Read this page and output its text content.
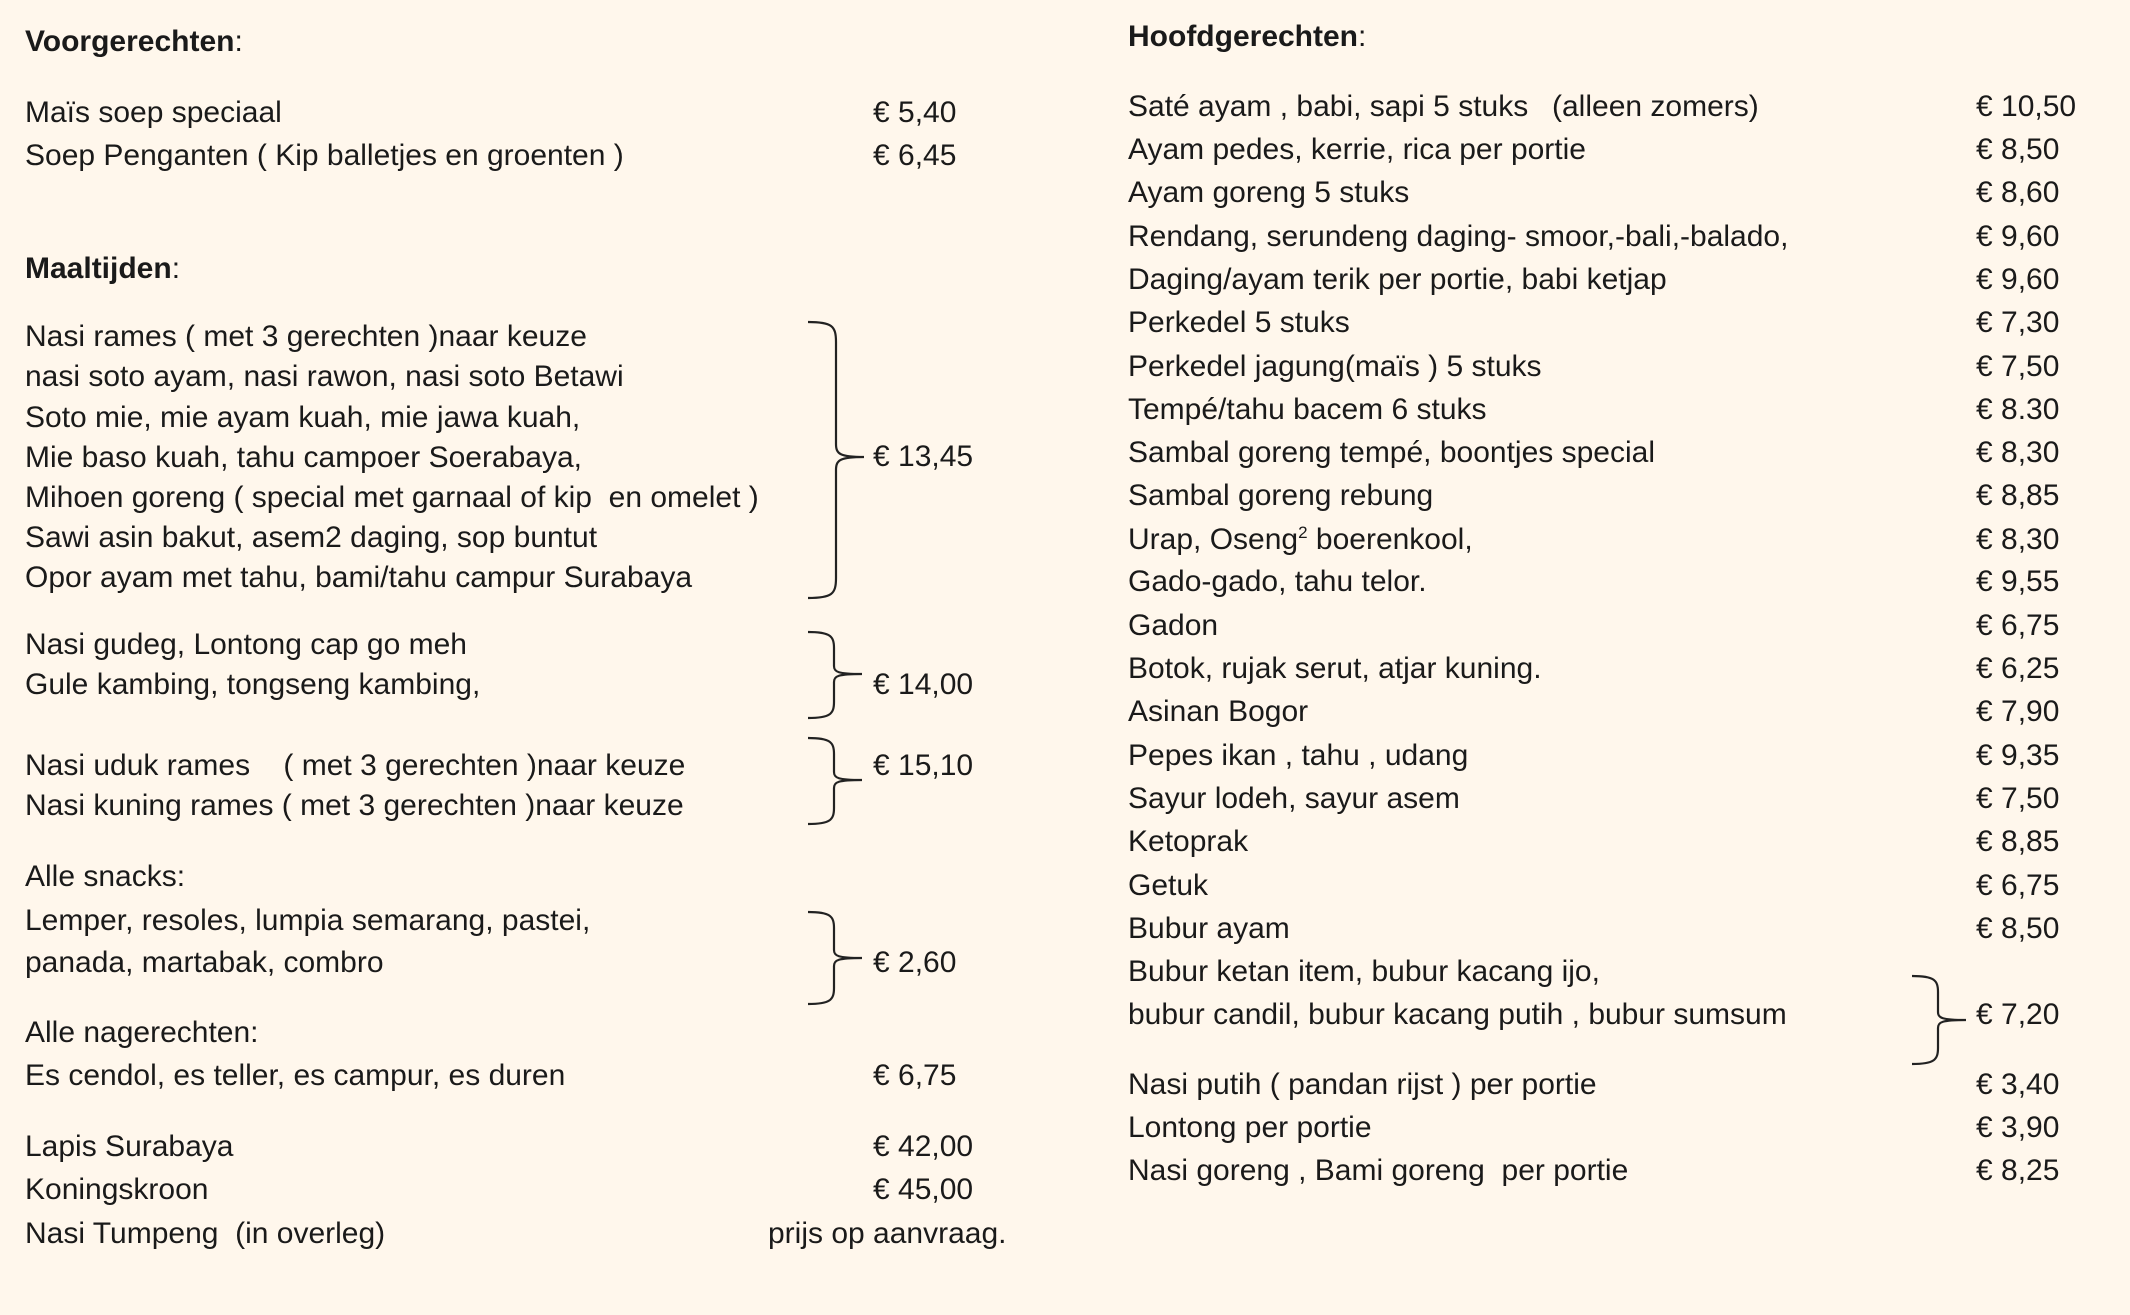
Voorgerechten:
Maïs soep speciaal	€ 5,40
Soep Penganten ( Kip balletjes en groenten )	€ 6,45
Maaltijden:
Nasi rames ( met 3 gerechten )naar keuze
nasi soto ayam, nasi rawon, nasi soto Betawi
Soto mie, mie ayam kuah, mie jawa kuah,
Mie baso kuah, tahu campoer Soerabaya,
Mihoen goreng ( special met garnaal of kip  en omelet )
Sawi asin bakut, asem2 daging, sop buntut
Opor ayam met tahu, bami/tahu campur Surabaya
€ 13,45
Nasi gudeg, Lontong cap go meh
Gule kambing, tongseng kambing,	€ 14,00
Nasi uduk rames    ( met 3 gerechten )naar keuze
Nasi kuning rames ( met 3 gerechten )naar keuze
€ 15,10
Alle snacks:
Lemper, resoles, lumpia semarang, pastei,
panada, martabak, combro	€ 2,60
Alle nagerechten:
Es cendol, es teller, es campur, es duren	€ 6,75
Lapis Surabaya	€ 42,00
Koningskroon	€ 45,00
Nasi Tumpeng  (in overleg)	prijs op aanvraag.
Hoofdgerechten:
Saté ayam , babi, sapi 5 stuks (alleen zomers)	€ 10,50
Ayam pedes, kerrie, rica per portie	€ 8,50
Ayam goreng 5 stuks	€ 8,60
Rendang, serundeng daging- smoor,-bali,-balado,	€ 9,60
Daging/ayam terik per portie, babi ketjap	€ 9,60
Perkedel 5 stuks	€ 7,30
Perkedel jagung(maïs ) 5 stuks	€ 7,50
Tempé/tahu bacem 6 stuks	€ 8.30
Sambal goreng tempé, boontjes special	€ 8,30
Sambal goreng rebung	€ 8,85
Urap, Oseng$^2$ boerenkool,	€ 8,30
Gado-gado, tahu telor.	€ 9,55
Gadon	€ 6,75
Botok, rujak serut, atjar kuning.	€ 6,25
Asinan Bogor	€ 7,90
Pepes ikan , tahu , udang	€ 9,35
Sayur lodeh, sayur asem	€ 7,50
Ketoprak	€ 8,85
Getuk	€ 6,75
Bubur ayam	€ 8,50
Bubur ketan item, bubur kacang ijo,
bubur candil, bubur kacang putih , bubur sumsum	€ 7,20
Nasi putih ( pandan rijst ) per portie	€ 3,40
Lontong per portie	€ 3,90
Nasi goreng , Bami goreng  per portie	€ 8,25
